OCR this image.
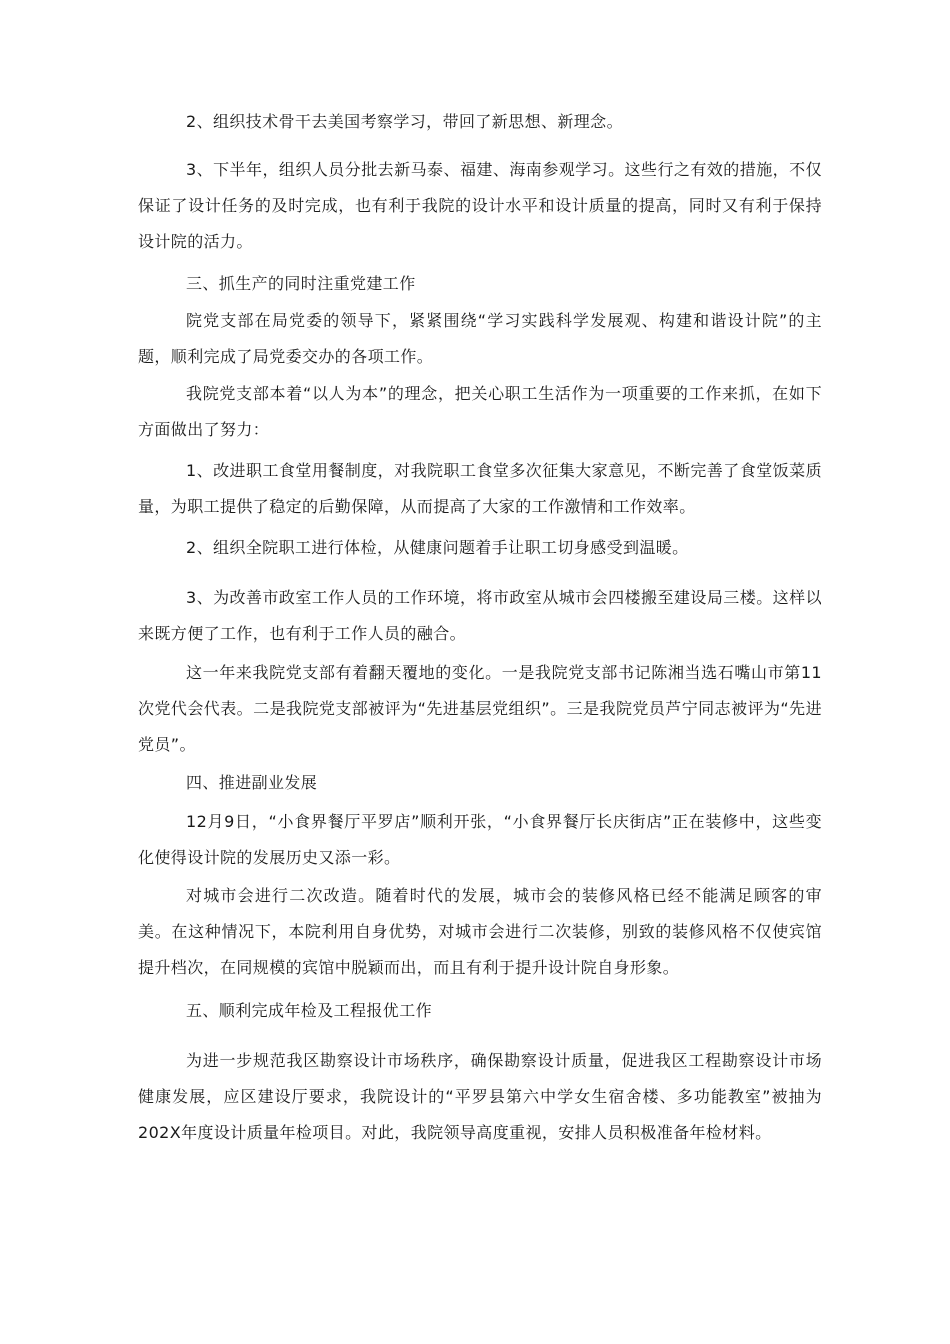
2、组织技术骨干去美国考察学习，带回了新思想、新理念。

3、下半年，组织人员分批去新马泰、福建、海南参观学习。这些行之有效的措施，不仅保证了设计任务的及时完成，也有利于我院的设计水平和设计质量的提高，同时又有利于保持设计院的活力。

三、抓生产的同时注重党建工作

院党支部在局党委的领导下，紧紧围绕“学习实践科学发展观、构建和谐设计院”的主题，顺利完成了局党委交办的各项工作。

我院党支部本着“以人为本”的理念，把关心职工生活作为一项重要的工作来抓，在如下方面做出了努力：

1、改进职工食堂用餐制度，对我院职工食堂多次征集大家意见，不断完善了食堂饭菜质量，为职工提供了稳定的后勤保障，从而提高了大家的工作激情和工作效率。

2、组织全院职工进行体检，从健康问题着手让职工切身感受到温暖。

3、为改善市政室工作人员的工作环境，将市政室从城市会四楼搬至建设局三楼。这样以来既方便了工作，也有利于工作人员的融合。

这一年来我院党支部有着翻天覆地的变化。一是我院党支部书记陈湘当选石嘴山市第11次党代会代表。二是我院党支部被评为“先进基层党组织”。三是我院党员芦宁同志被评为“先进党员”。

四、推进副业发展

12月9日，“小食界餐厅平罗店”顺利开张，“小食界餐厅长庆街店”正在装修中，这些变化使得设计院的发展历史又添一彩。

对城市会进行二次改造。随着时代的发展，城市会的装修风格已经不能满足顾客的审美。在这种情况下，本院利用自身优势，对城市会进行二次装修，别致的装修风格不仅使宾馆提升档次，在同规模的宾馆中脱颖而出，而且有利于提升设计院自身形象。

五、顺利完成年检及工程报优工作

为进一步规范我区勘察设计市场秩序，确保勘察设计质量，促进我区工程勘察设计市场健康发展，应区建设厅要求，我院设计的“平罗县第六中学女生宿舍楼、多功能教室”被抽为202X年度设计质量年检项目。对此，我院领导高度重视，安排人员积极准备年检材料。
